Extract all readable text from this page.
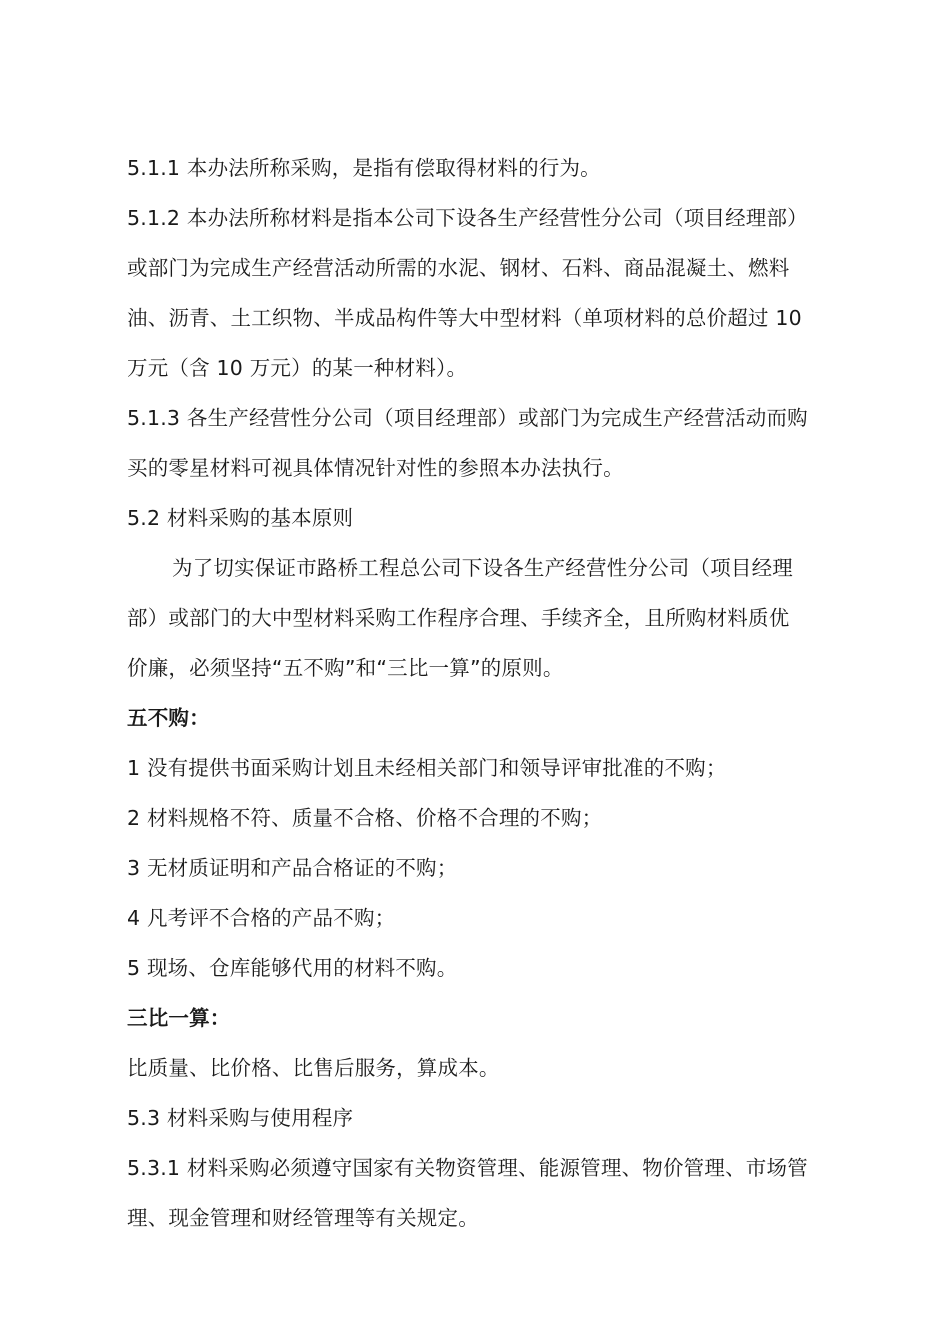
5.1.1 本办法所称采购，是指有偿取得材料的行为。
5.1.2 本办法所称材料是指本公司下设各生产经营性分公司（项目经理部）
或部门为完成生产经营活动所需的水泥、钢材、石料、商品混凝土、燃料
油、沥青、土工织物、半成品构件等大中型材料（单项材料的总价超过 10
万元（含 10 万元）的某一种材料）。
5.1.3 各生产经营性分公司（项目经理部）或部门为完成生产经营活动而购
买的零星材料可视具体情况针对性的参照本办法执行。
5.2 材料采购的基本原则
为了切实保证市路桥工程总公司下设各生产经营性分公司（项目经理
部）或部门的大中型材料采购工作程序合理、手续齐全，且所购材料质优
价廉，必须坚持“五不购”和“三比一算”的原则。
五不购：
1 没有提供书面采购计划且未经相关部门和领导评审批准的不购；
2 材料规格不符、质量不合格、价格不合理的不购；
3 无材质证明和产品合格证的不购；
4 凡考评不合格的产品不购；
5 现场、仓库能够代用的材料不购。
三比一算：
比质量、比价格、比售后服务，算成本。
5.3 材料采购与使用程序
5.3.1 材料采购必须遵守国家有关物资管理、能源管理、物价管理、市场管
理、现金管理和财经管理等有关规定。
